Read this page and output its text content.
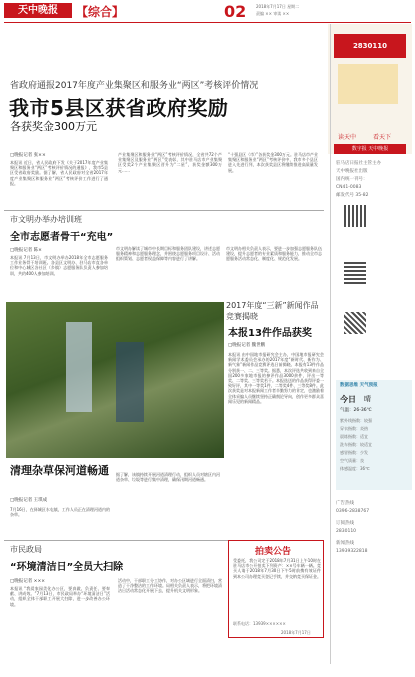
天中晚报	【综合】	02 2018年7月17日 星期二
责编 ×× 审读 ××
省政府通报2017年度产业集聚区和服务业“两区”考核评价情况
我市5县区获省政府奖励
各获奖金300万元
□晚报记者 张××
本报讯 近日，省人民政府下发《关于2017年度产业集聚区和服务业“两区”考核评价情况的通报》，我市5县区受省政府奖励。据了解，省人民政府对全省2017年度产业集聚区和服务业“两区”考核评价工作进行了通报。
产业集聚区和服务业“两区”考核评价情况，全省共72个产业集聚区及服务业“两区”受表彰，其中驻马店市产业集聚区受奖2个产业集聚区晋升为“二星”，获奖金额300万元……
“十强县区（市）”各获奖金300万元。驻马店市产业集聚区和服务业“两区”考核评价中，我市多个县区进入先进行列，本次获奖县区将继续推进高质量发展。
2830110
读天中	看天下
数字报 天中晚报
驻马店日报社主管主办
天中晚报社出版
国内统一刊号：
CN41-0083
邮发代号 35-82
市文明办举办培训班
全市志愿者骨干“充电”
□晚报记者 陈×
本报讯 7月13日，市文明办举办2018年全市志愿服务工作业务骨干培训班。各县区文明办、驻马店市直各单位和中心城区各社区（乡镇）志愿服务队负责人参加培训，共约400人参加培训。
市文明办解读了城市中长期目标和服务团队建设，讲述志愿服务精神和志愿服务理念，并围绕志愿服务项目设计、活动组织策划、志愿者权益保障等内容进行了讲解。
市文明办相关负责人表示，要进一步加强志愿服务队伍建设，提升志愿者的专业素质和服务能力，推动全市志愿服务活动常态化、制度化、规范化发展。
清理杂草保河道畅通
□晚报记者 王琪成
7月16日，在驿城区水屯镇，工作人员正在清理河道内的杂草。
据了解，该镇持续开展河道清理行动，组织人员对辖区内河道杂草、垃圾等进行集中清理，确保汛期河道畅通。
2017年度“三新”新闻作品竞赛揭晓
本报13件作品获奖
□晚报记者 魏世鹏
本报讯 由中国地市报研究会主办，中国地市报研究会新闻学术委员会承办的2017年度“新时代、新作为、新气象”新闻作品竞赛评选日前揭晓。本报有13件作品分别获一、二、三等奖。据悉，本次评选共收到来自全国200多家地市报的参评作品3000余件，评出一等奖、二等奖、三等奖若干。本报选送的作品获得评委一致好评，其中一等奖1件、二等奖4件、三等奖8件。此次获奖是对本报新闻工作者辛勤努力的肯定，也激励着全体采编人员继续坚持正确舆论导向，创作更多群众喜闻乐见的新闻精品。
数据思维 天气预报
今日 晴
气温：26-36℃
紫外线指数：较强
穿衣指数：炎热
晨练指数：适宜
洗车指数：较适宜
感冒指数：少发
空气质量：良
体感温度：36℃
市民政局
“环境清洁日”全员大扫除
□晚报记者 ×××
本报讯 “我爱家园美化办公区，要真做、负责任、要奉献、讲成效。”7月13日，市民政局举办“环境清洁日”活动，组织全体干部职工开展大扫除，进一步改善办公环境。
活动中，干部职工分工协作，对办公区域进行全面清扫，营造了干净整洁的工作环境。局相关负责人表示，将把环境清洁日活动常态化开展下去，提升机关文明形象。
拍卖公告
受委托，我公司定于2018年7月31日上午10时在驻马店市公开拍卖下列资产：××号车辆一辆。竞买人请于2018年7月30日下午5时前携有效证件到本公司办理竞买登记手续，并交纳竞买保证金。
联系电话：13939××××××
2018年7月17日
广告热线
0396-2838767
订阅热线
2830110
新闻热线
13939322818
